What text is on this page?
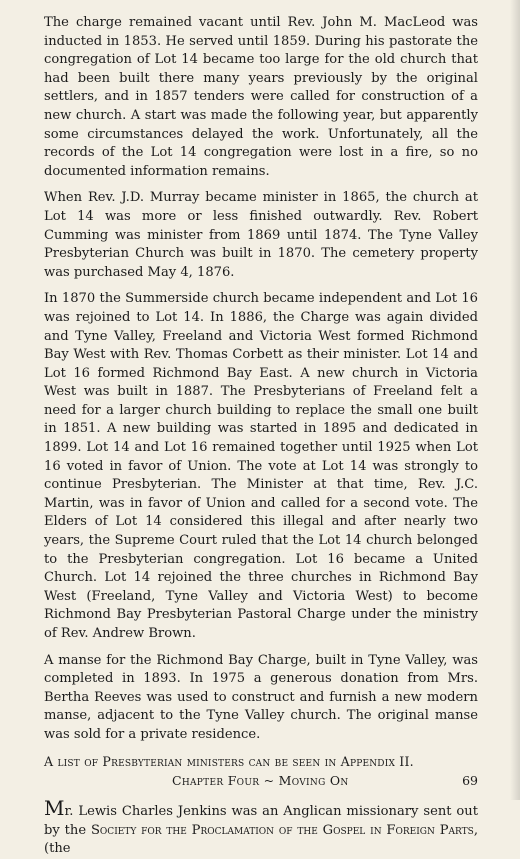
The charge remained vacant until Rev. John M. MacLeod was inducted in 1853. He served until 1859. During his pastorate the congregation of Lot 14 became too large for the old church that had been built there many years previously by the original settlers, and in 1857 tenders were called for construction of a new church. A start was made the following year, but apparently some circumstances delayed the work. Unfortunately, all the records of the Lot 14 congregation were lost in a fire, so no documented information remains.

When Rev. J.D. Murray became minister in 1865, the church at Lot 14 was more or less finished outwardly. Rev. Robert Cumming was minister from 1869 until 1874. The Tyne Valley Presbyterian Church was built in 1870. The cemetery property was purchased May 4, 1876.

In 1870 the Summerside church became independent and Lot 16 was rejoined to Lot 14. In 1886, the Charge was again divided and Tyne Valley, Freeland and Victoria West formed Richmond Bay West with Rev. Thomas Corbett as their minister. Lot 14 and Lot 16 formed Richmond Bay East. A new church in Victoria West was built in 1887. The Presbyterians of Freeland felt a need for a larger church building to replace the small one built in 1851. A new building was started in 1895 and dedicated in 1899. Lot 14 and Lot 16 remained together until 1925 when Lot 16 voted in favor of Union. The vote at Lot 14 was strongly to continue Presbyterian. The Minister at that time, Rev. J.C. Martin, was in favor of Union and called for a second vote. The Elders of Lot 14 considered this illegal and after nearly two years, the Supreme Court ruled that the Lot 14 church belonged to the Presbyterian congregation. Lot 16 became a United Church. Lot 14 rejoined the three churches in Richmond Bay West (Freeland, Tyne Valley and Victoria West) to become Richmond Bay Presbyterian Pastoral Charge under the ministry of Rev. Andrew Brown.

A manse for the Richmond Bay Charge, built in Tyne Valley, was completed in 1893. In 1975 a generous donation from Mrs. Bertha Reeves was used to construct and furnish a new modern manse, adjacent to the Tyne Valley church. The original manse was sold for a private residence.

A list of Presbyterian ministers can be seen in Appendix II.

Mr. Lewis Charles Jenkins was an Anglican missionary sent out by the Society for the Proclamation of the Gospel in Foreign Parts, (the

Chapter Four ~ Moving On	69
